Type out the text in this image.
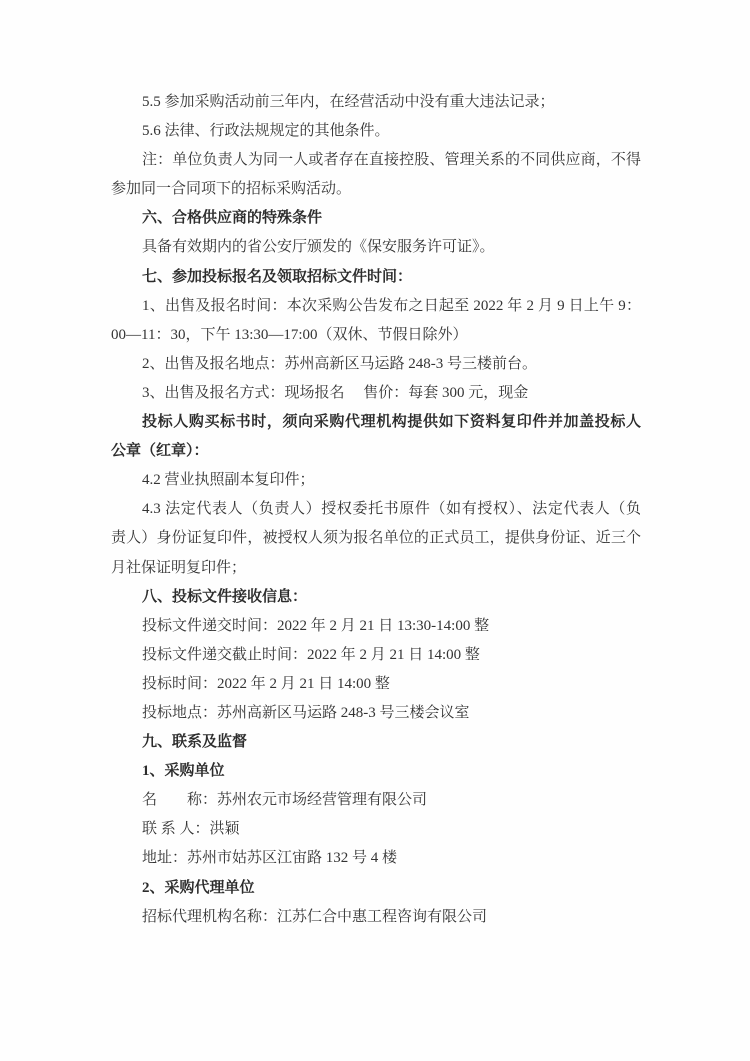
5.5 参加采购活动前三年内，在经营活动中没有重大违法记录；
5.6 法律、行政法规规定的其他条件。
注：单位负责人为同一人或者存在直接控股、管理关系的不同供应商，不得
参加同一合同项下的招标采购活动。
六、合格供应商的特殊条件
具备有效期内的省公安厅颁发的《保安服务许可证》。
七、参加投标报名及领取招标文件时间：
1、出售及报名时间：本次采购公告发布之日起至 2022 年 2 月 9 日上午 9：
00—11：30，下午 13:30—17:00（双休、节假日除外）
2、出售及报名地点：苏州高新区马运路 248-3 号三楼前台。
3、出售及报名方式：现场报名　 售价：每套 300 元，现金
投标人购买标书时，须向采购代理机构提供如下资料复印件并加盖投标人
公章（红章）：
4.2 营业执照副本复印件；
4.3 法定代表人（负责人）授权委托书原件（如有授权）、法定代表人（负
责人）身份证复印件，被授权人须为报名单位的正式员工，提供身份证、近三个
月社保证明复印件；
八、投标文件接收信息：
投标文件递交时间：2022 年 2 月 21 日 13:30-14:00 整
投标文件递交截止时间：2022 年 2 月 21 日 14:00 整
投标时间：2022 年 2 月 21 日 14:00 整
投标地点：苏州高新区马运路 248-3 号三楼会议室
九、联系及监督
1、采购单位
名　　称：苏州农元市场经营管理有限公司
联 系 人：洪颖
地址：苏州市姑苏区江宙路 132 号 4 楼
2、采购代理单位
招标代理机构名称：江苏仁合中惠工程咨询有限公司
